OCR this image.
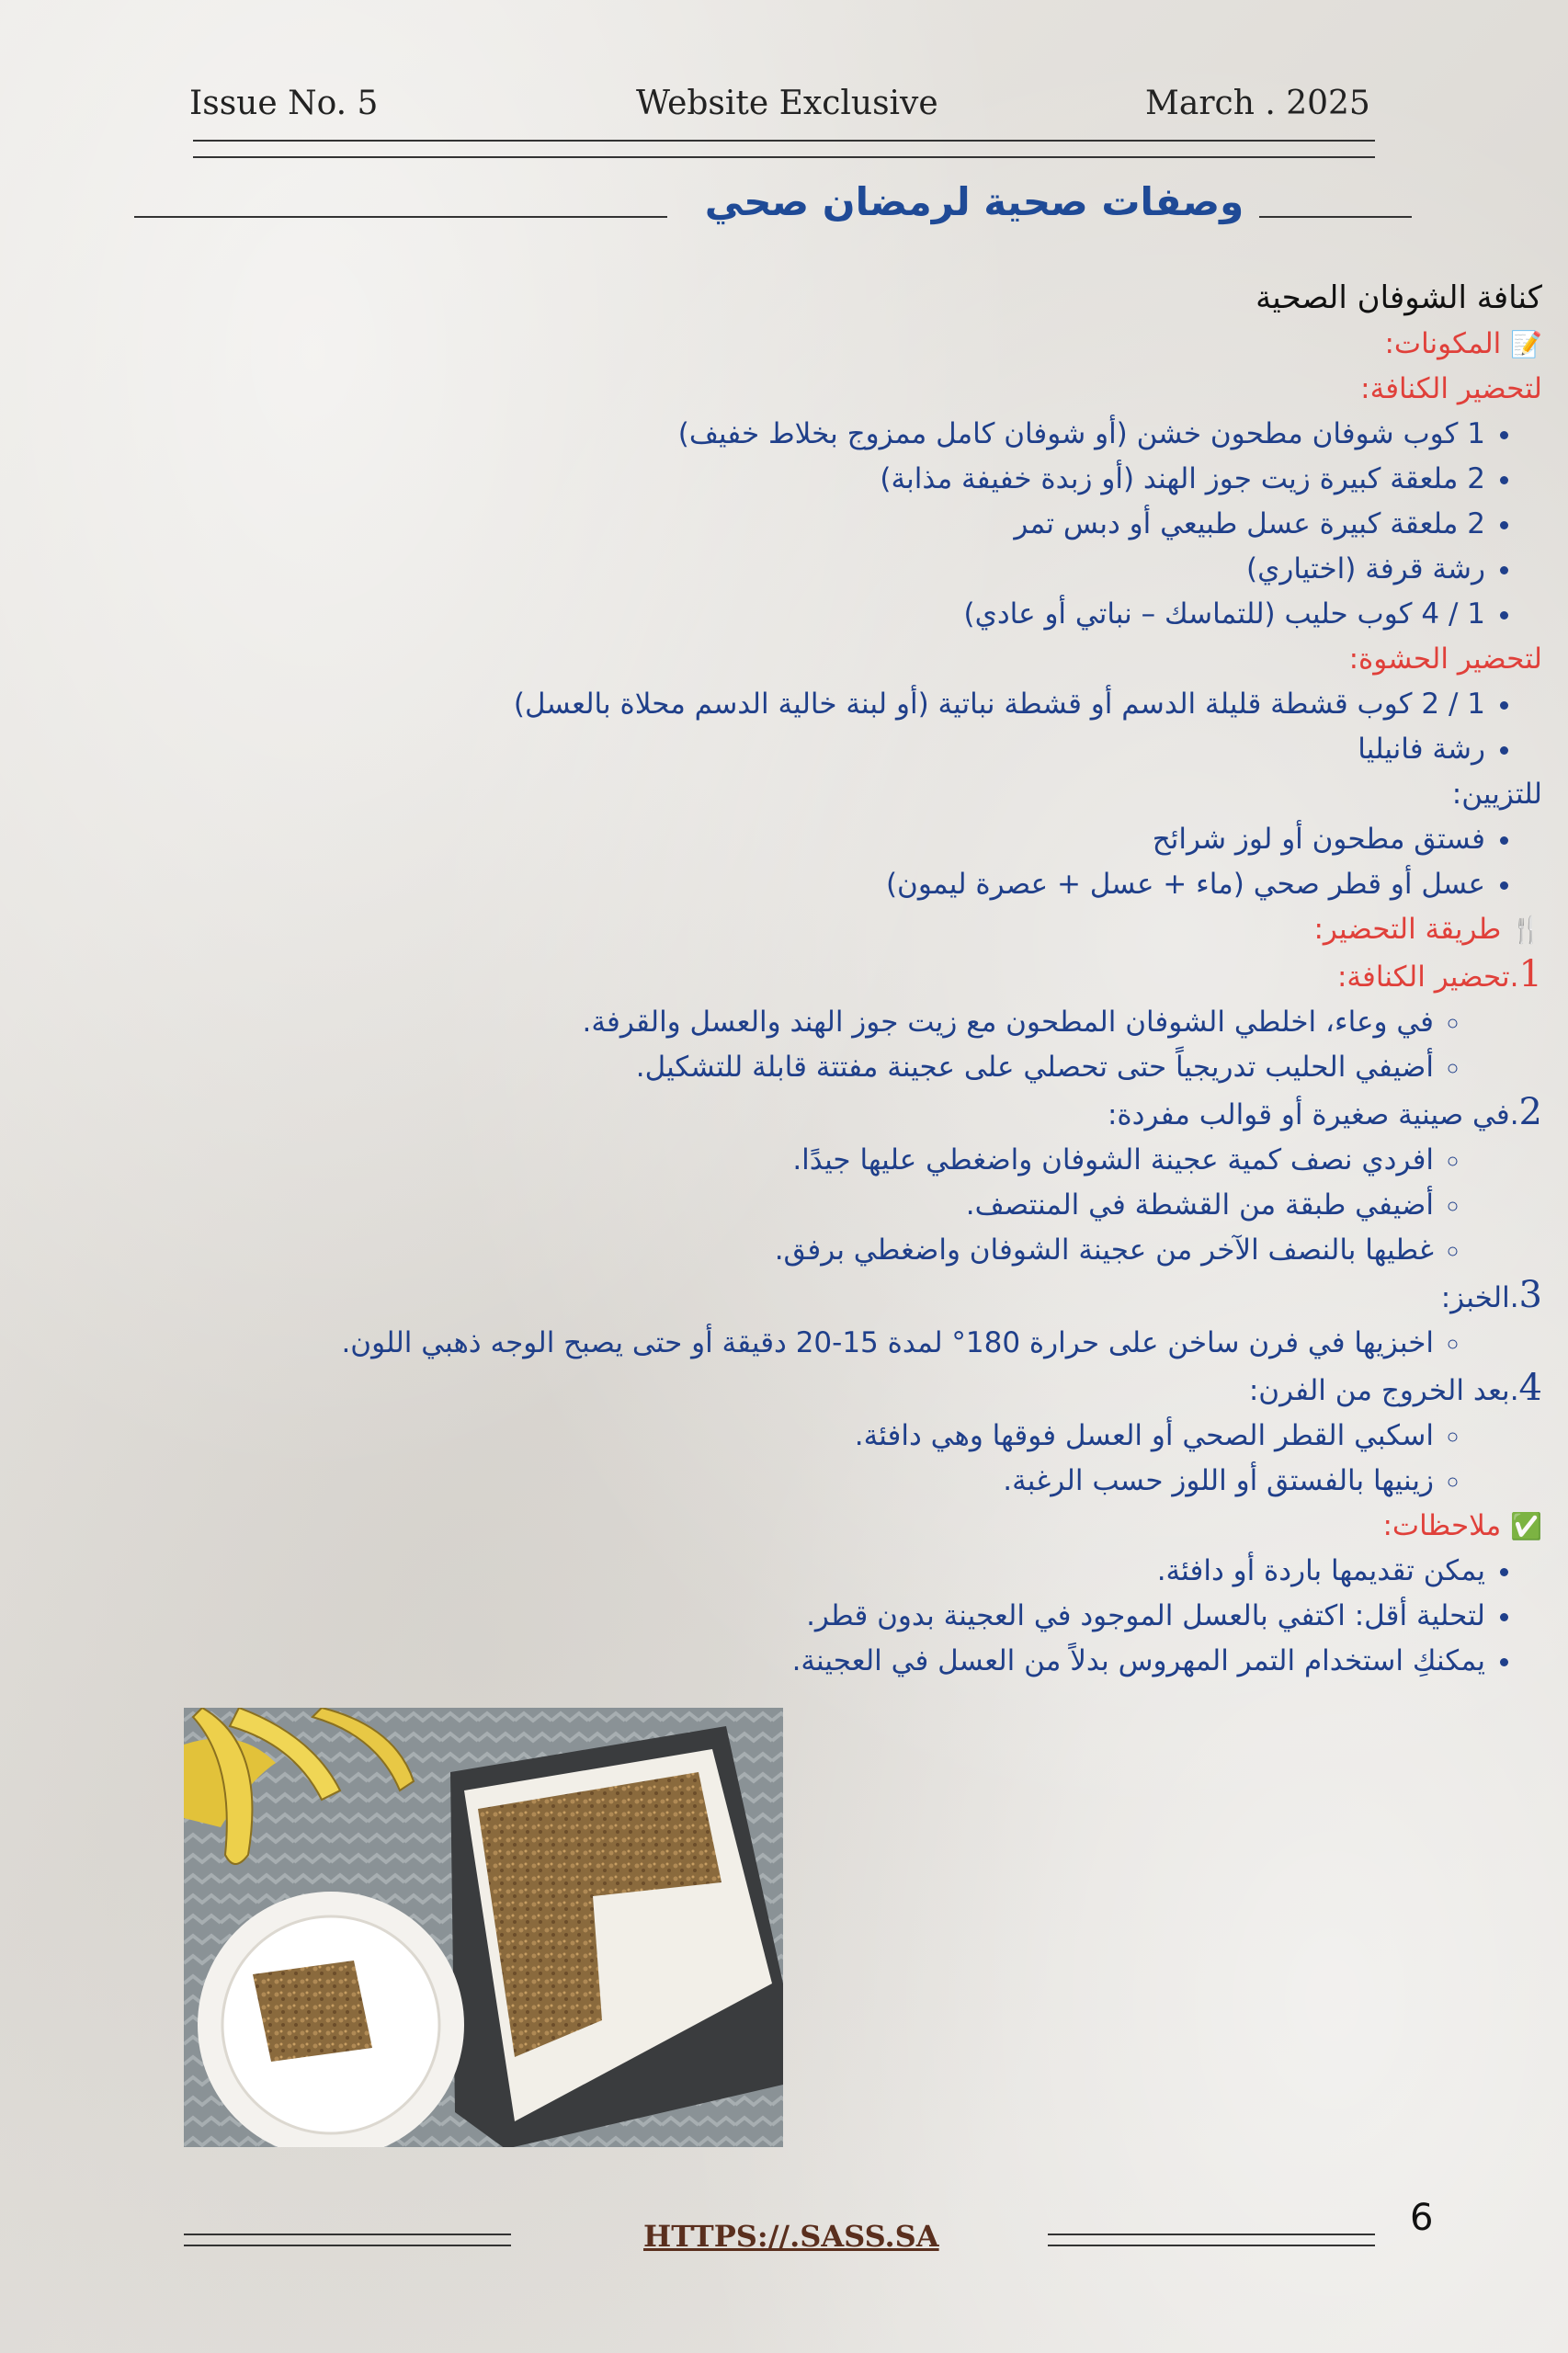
Issue No. 5	Website Exclusive	March . 2025
وصفات صحية لرمضان صحي

كنافة الشوفان الصحية

📝 المكونات:

لتحضير الكنافة:

• 1 كوب شوفان مطحون خشن (أو شوفان كامل ممزوج بخلاط خفيف)
• 2 ملعقة كبيرة زيت جوز الهند (أو زبدة خفيفة مذابة)
• 2 ملعقة كبيرة عسل طبيعي أو دبس تمر
• رشة قرفة (اختياري)
• 1 / 4 كوب حليب (للتماسك – نباتي أو عادي)

لتحضير الحشوة:

• 1 / 2 كوب قشطة قليلة الدسم أو قشطة نباتية (أو لبنة خالية الدسم محلاة بالعسل)
• رشة فانيليا

للتزيين:

• فستق مطحون أو لوز شرائح
• عسل أو قطر صحي (ماء + عسل + عصرة ليمون)

🍴 طريقة التحضير:

1.تحضير الكنافة:

◦ في وعاء، اخلطي الشوفان المطحون مع زيت جوز الهند والعسل والقرفة.
◦ أضيفي الحليب تدريجياً حتى تحصلي على عجينة مفتتة قابلة للتشكيل.

2.في صينية صغيرة أو قوالب مفردة:

◦ افردي نصف كمية عجينة الشوفان واضغطي عليها جيدًا.
◦ أضيفي طبقة من القشطة في المنتصف.
◦ غطيها بالنصف الآخر من عجينة الشوفان واضغطي برفق.

3.الخبز:

◦ اخبزيها في فرن ساخن على حرارة 180° لمدة 15-20 دقيقة أو حتى يصبح الوجه ذهبي اللون.

4.بعد الخروج من الفرن:

◦ اسكبي القطر الصحي أو العسل فوقها وهي دافئة.
◦ زينيها بالفستق أو اللوز حسب الرغبة.

✅ ملاحظات:

• يمكن تقديمها باردة أو دافئة.
• لتحلية أقل: اكتفي بالعسل الموجود في العجينة بدون قطر.
• يمكنكِ استخدام التمر المهروس بدلاً من العسل في العجينة.
HTTPS://.SASS.SA	6
